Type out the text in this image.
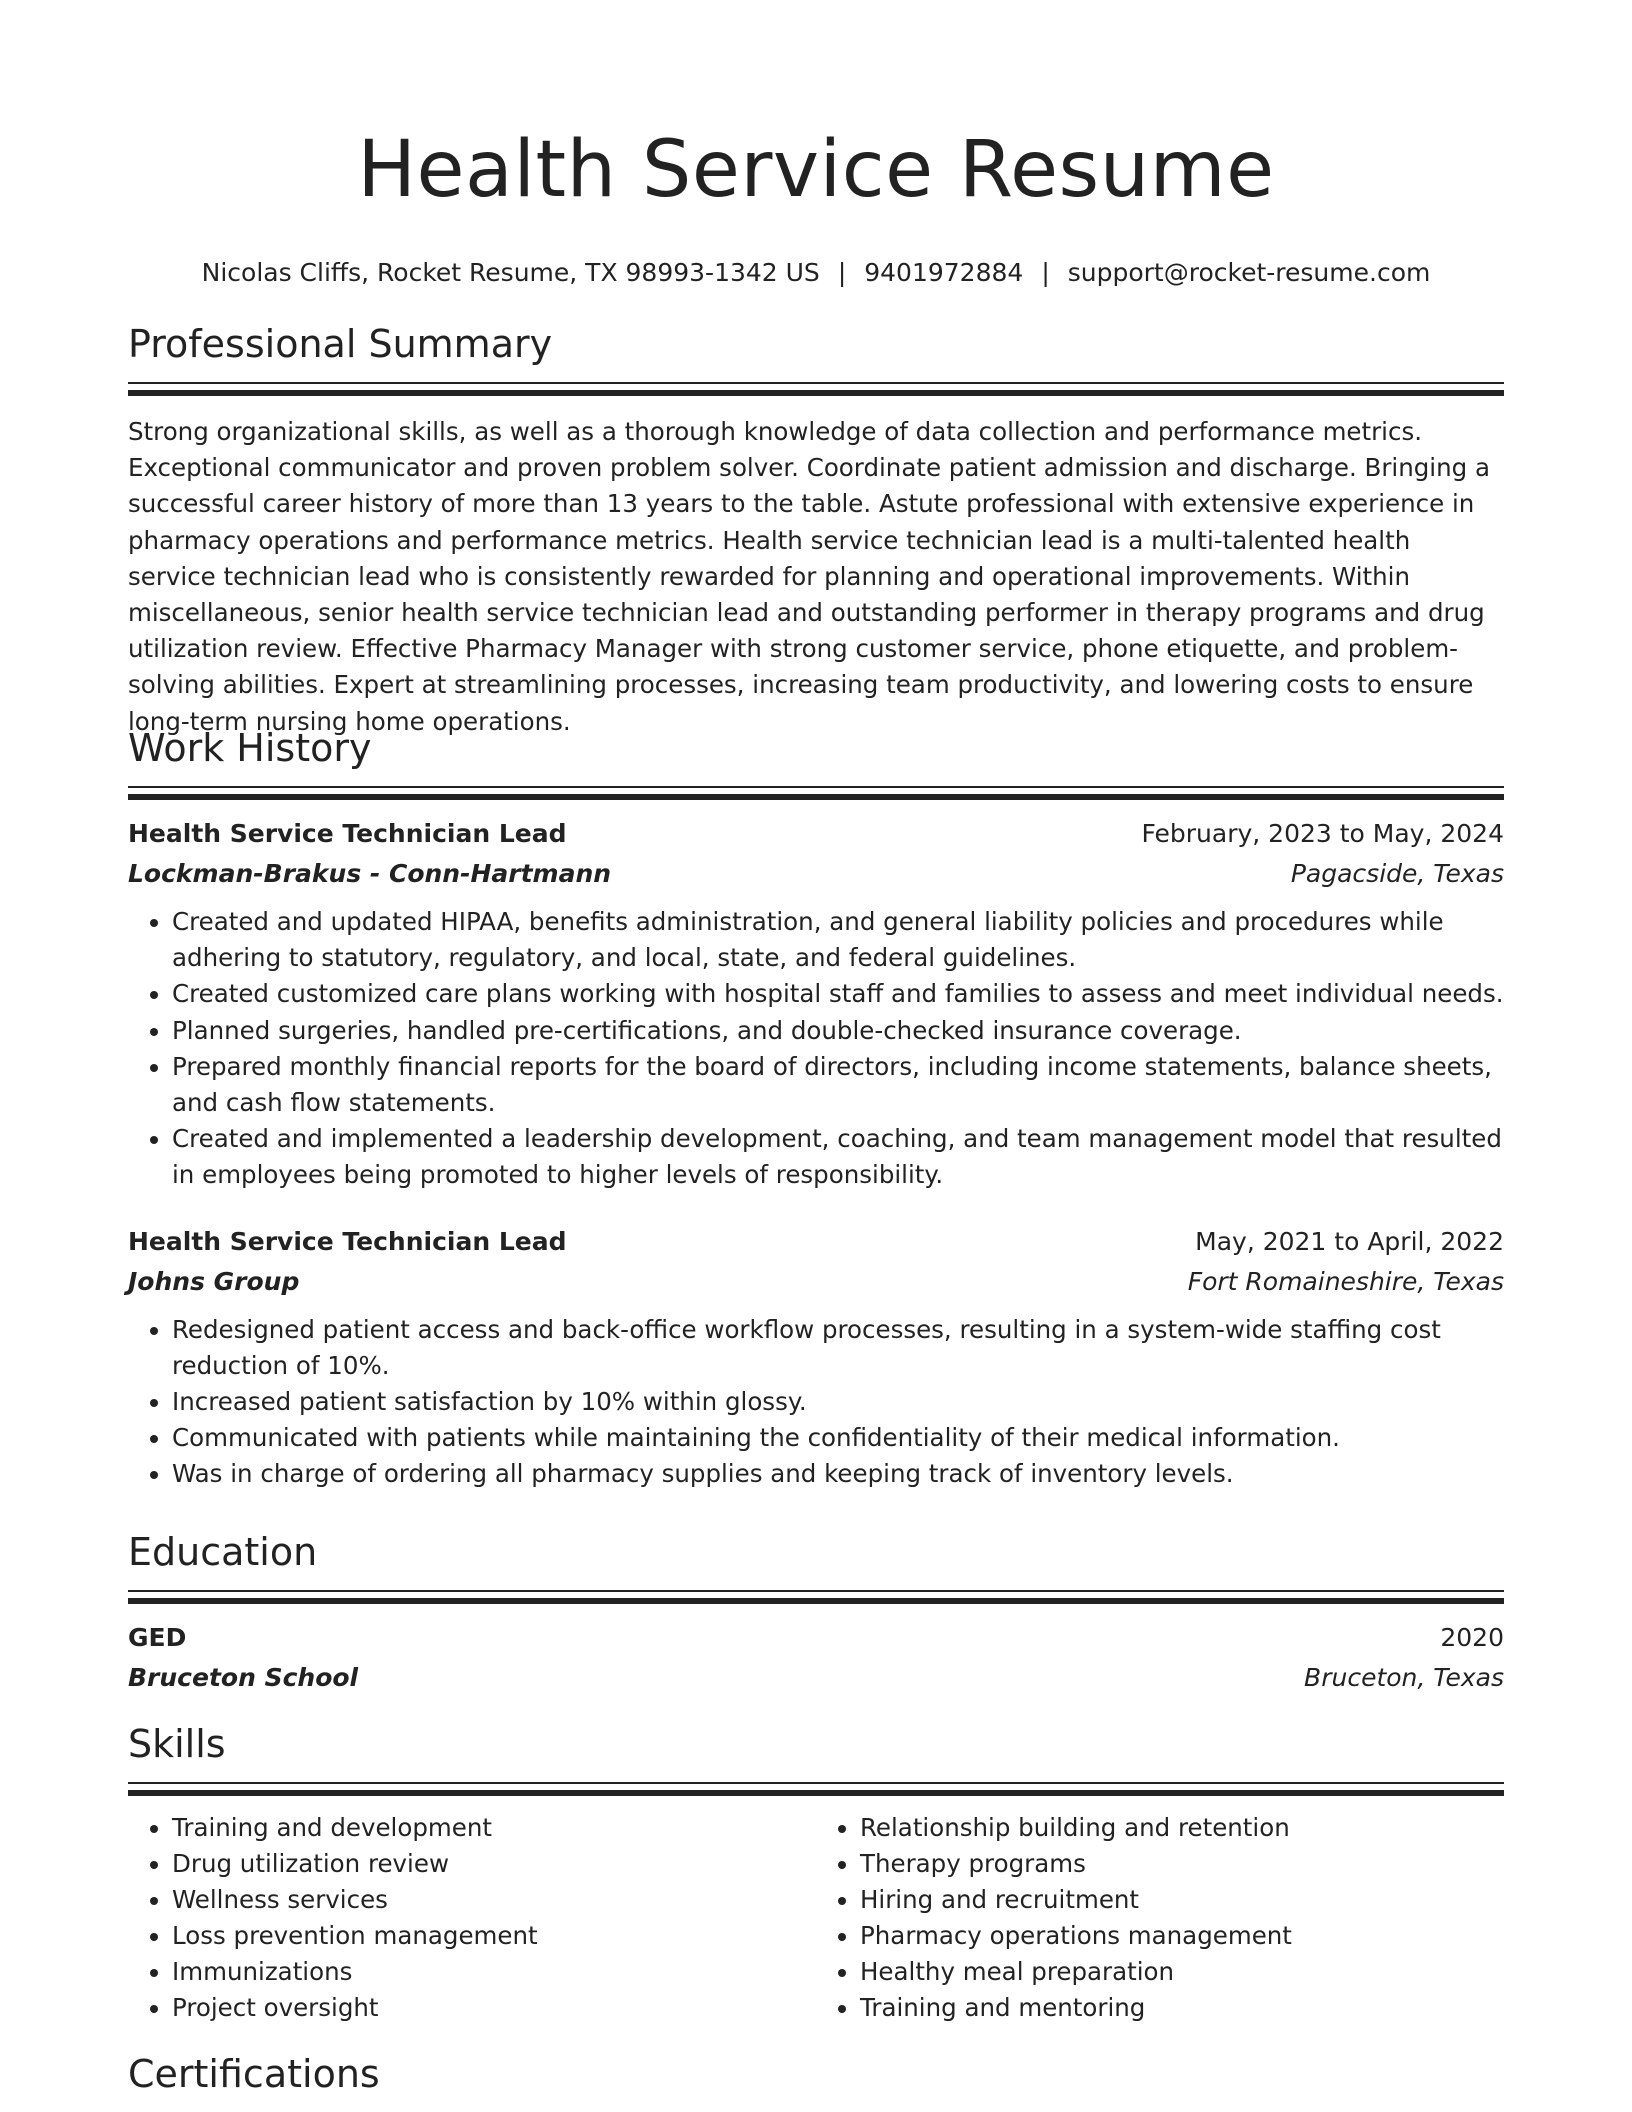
Health Service Resume
Nicolas Cliffs, Rocket Resume, TX 98993-1342 US | 9401972884 | support@rocket-resume.com
Professional Summary

Strong organizational skills, as well as a thorough knowledge of data collection and performance metrics. Exceptional communicator and proven problem solver. Coordinate patient admission and discharge. Bringing a successful career history of more than 13 years to the table. Astute professional with extensive experience in pharmacy operations and performance metrics. Health service technician lead is a multi-talented health service technician lead who is consistently rewarded for planning and operational improvements. Within miscellaneous, senior health service technician lead and outstanding performer in therapy programs and drug utilization review. Effective Pharmacy Manager with strong customer service, phone etiquette, and problem-solving abilities. Expert at streamlining processes, increasing team productivity, and lowering costs to ensure long-term nursing home operations.

Work History
Health Service Technician Lead	February, 2023 to May, 2024
Lockman-Brakus - Conn-Hartmann	Pagacside, Texas
• Created and updated HIPAA, benefits administration, and general liability policies and procedures while adhering to statutory, regulatory, and local, state, and federal guidelines.
• Created customized care plans working with hospital staff and families to assess and meet individual needs.
• Planned surgeries, handled pre-certifications, and double-checked insurance coverage.
• Prepared monthly financial reports for the board of directors, including income statements, balance sheets, and cash flow statements.
• Created and implemented a leadership development, coaching, and team management model that resulted in employees being promoted to higher levels of responsibility.
Health Service Technician Lead	May, 2021 to April, 2022
Johns Group	Fort Romaineshire, Texas
• Redesigned patient access and back-office workflow processes, resulting in a system-wide staffing cost reduction of 10%.
• Increased patient satisfaction by 10% within glossy.
• Communicated with patients while maintaining the confidentiality of their medical information.
• Was in charge of ordering all pharmacy supplies and keeping track of inventory levels.
Education
GED	2020
Bruceton School	Bruceton, Texas
Skills
• Training and development
• Drug utilization review
• Wellness services
• Loss prevention management
• Immunizations
• Project oversight
• Relationship building and retention
• Therapy programs
• Hiring and recruitment
• Pharmacy operations management
• Healthy meal preparation
• Training and mentoring
Certifications
